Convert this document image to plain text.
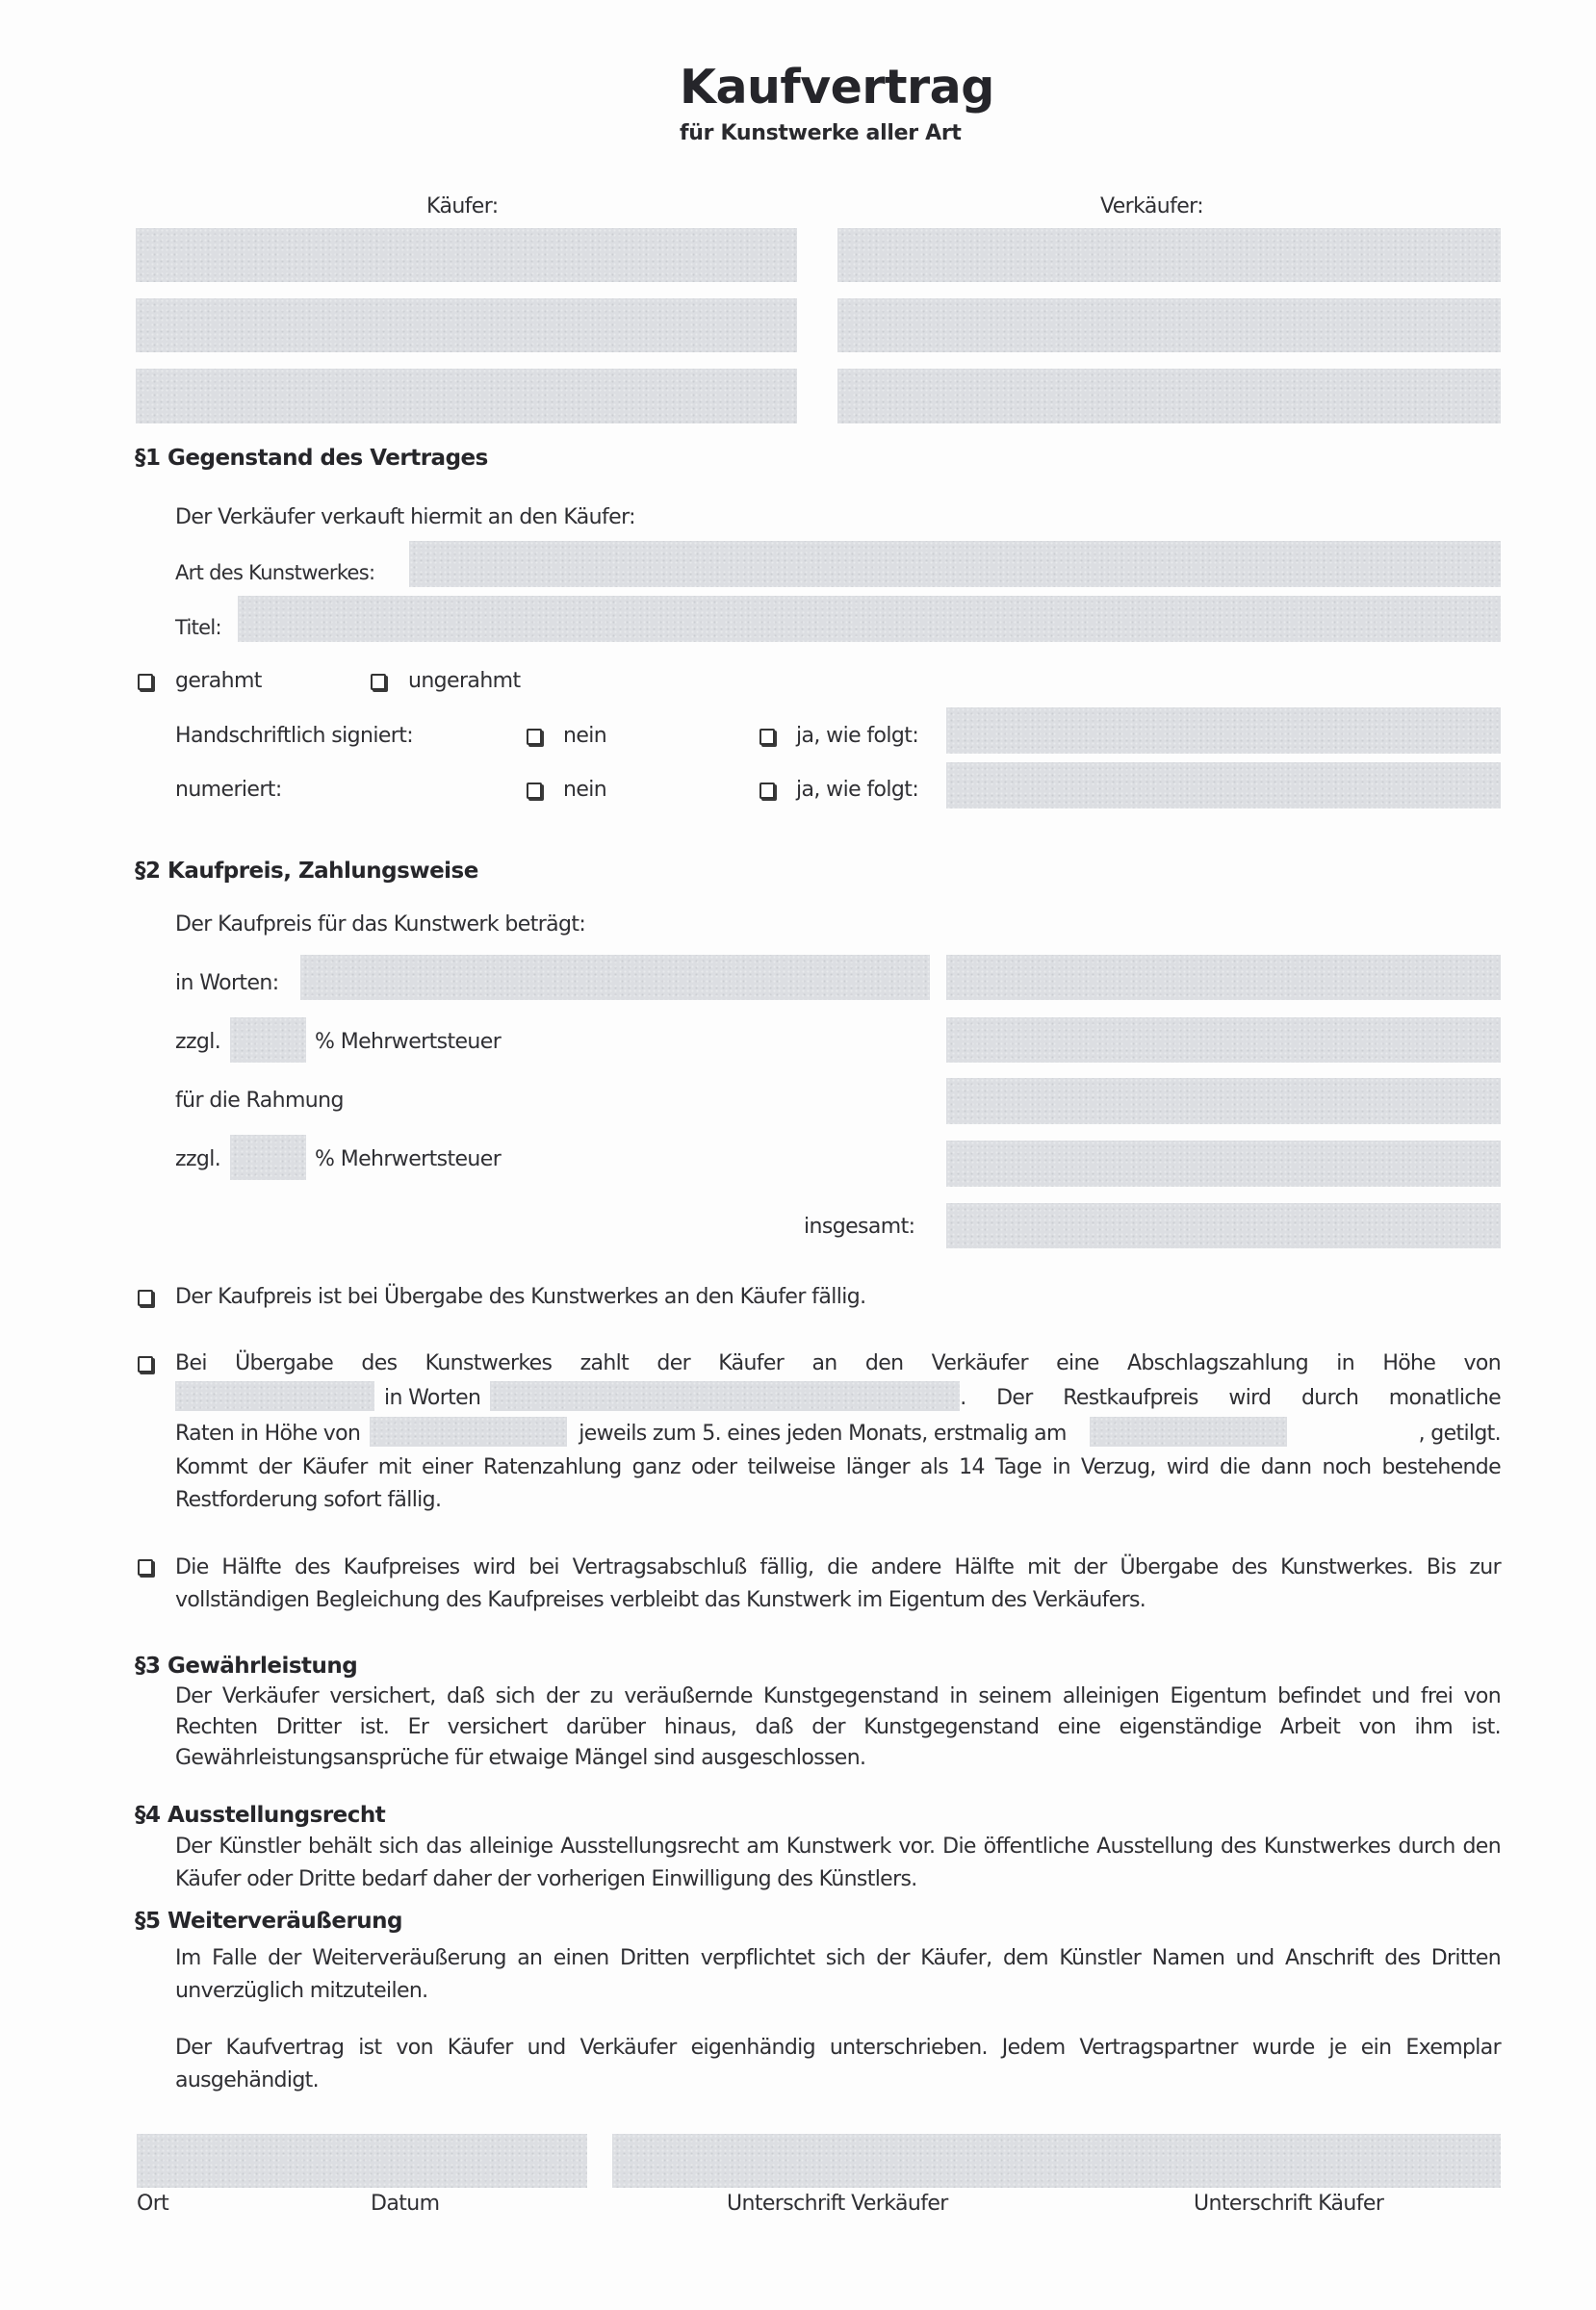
Kaufvertrag
für Kunstwerke aller Art
Käufer:	Verkäufer:
§1 Gegenstand des Vertrages
Der Verkäufer verkauft hiermit an den Käufer:
Art des Kunstwerkes:
Titel:
gerahmt	ungerahmt
Handschriftlich signiert:	nein	ja, wie folgt:
numeriert:	nein	ja, wie folgt:
§2 Kaufpreis, Zahlungsweise
Der Kaufpreis für das Kunstwerk beträgt:
in Worten:
zzgl.	% Mehrwertsteuer
für die Rahmung
zzgl.	% Mehrwertsteuer
insgesamt:
Der Kaufpreis ist bei Übergabe des Kunstwerkes an den Käufer fällig.
Bei Übergabe des Kunstwerkes zahlt der Käufer an den Verkäufer eine Abschlagszahlung in Höhe von
in Worten	. Der Restkaufpreis wird durch monatliche
Raten in Höhe von	jeweils zum 5. eines jeden Monats, erstmalig am	, getilgt.
Kommt der Käufer mit einer Ratenzahlung ganz oder teilweise länger als 14 Tage in Verzug, wird die dann noch bestehende Restforderung sofort fällig.
Die Hälfte des Kaufpreises wird bei Vertragsabschluß fällig, die andere Hälfte mit der Übergabe des Kunstwerkes. Bis zur vollständigen Begleichung des Kaufpreises verbleibt das Kunstwerk im Eigentum des Verkäufers.
§3 Gewährleistung
Der Verkäufer versichert, daß sich der zu veräußernde Kunstgegenstand in seinem alleinigen Eigentum befindet und frei von Rechten Dritter ist. Er versichert darüber hinaus, daß der Kunstgegenstand eine eigenständige Arbeit von ihm ist. Gewährleistungsansprüche für etwaige Mängel sind ausgeschlossen.
§4 Ausstellungsrecht
Der Künstler behält sich das alleinige Ausstellungsrecht am Kunstwerk vor. Die öffentliche Ausstellung des Kunstwerkes durch den Käufer oder Dritte bedarf daher der vorherigen Einwilligung des Künstlers.
§5 Weiterveräußerung
Im Falle der Weiterveräußerung an einen Dritten verpflichtet sich der Käufer, dem Künstler Namen und Anschrift des Dritten unverzüglich mitzuteilen.
Der Kaufvertrag ist von Käufer und Verkäufer eigenhändig unterschrieben. Jedem Vertragspartner wurde je ein Exemplar ausgehändigt.
Ort	Datum	Unterschrift Verkäufer	Unterschrift Käufer
